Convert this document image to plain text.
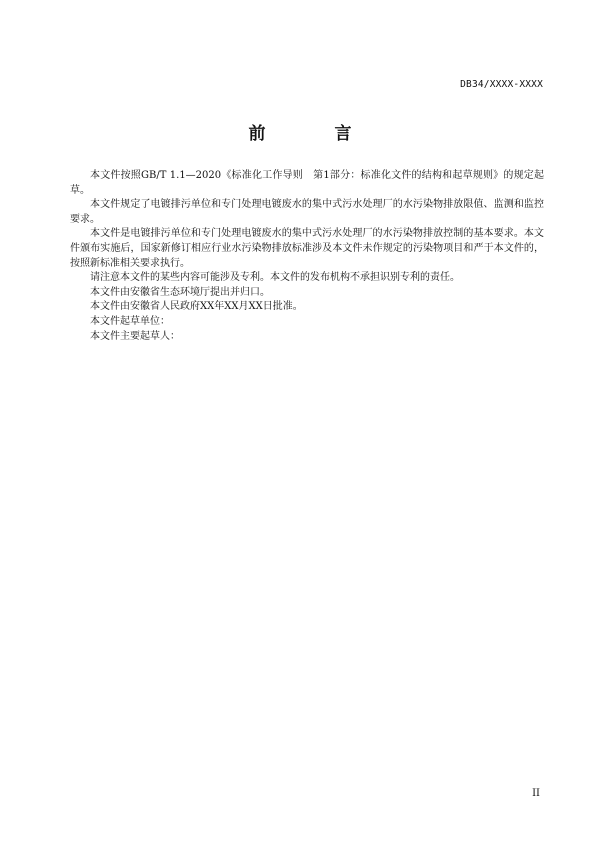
DB34/XXXX-XXXX
前　言

本文件按照GB/T 1.1—2020《标准化工作导则　第1部分：标准化文件的结构和起草规则》的规定起草。

本文件规定了电镀排污单位和专门处理电镀废水的集中式污水处理厂的水污染物排放限值、监测和监控要求。

本文件是电镀排污单位和专门处理电镀废水的集中式污水处理厂的水污染物排放控制的基本要求。本文件颁布实施后，国家新修订相应行业水污染物排放标准涉及本文件未作规定的污染物项目和严于本文件的，按照新标准相关要求执行。

请注意本文件的某些内容可能涉及专利。本文件的发布机构不承担识别专利的责任。

本文件由安徽省生态环境厅提出并归口。

本文件由安徽省人民政府XX年XX月XX日批准。

本文件起草单位：

本文件主要起草人：

II
